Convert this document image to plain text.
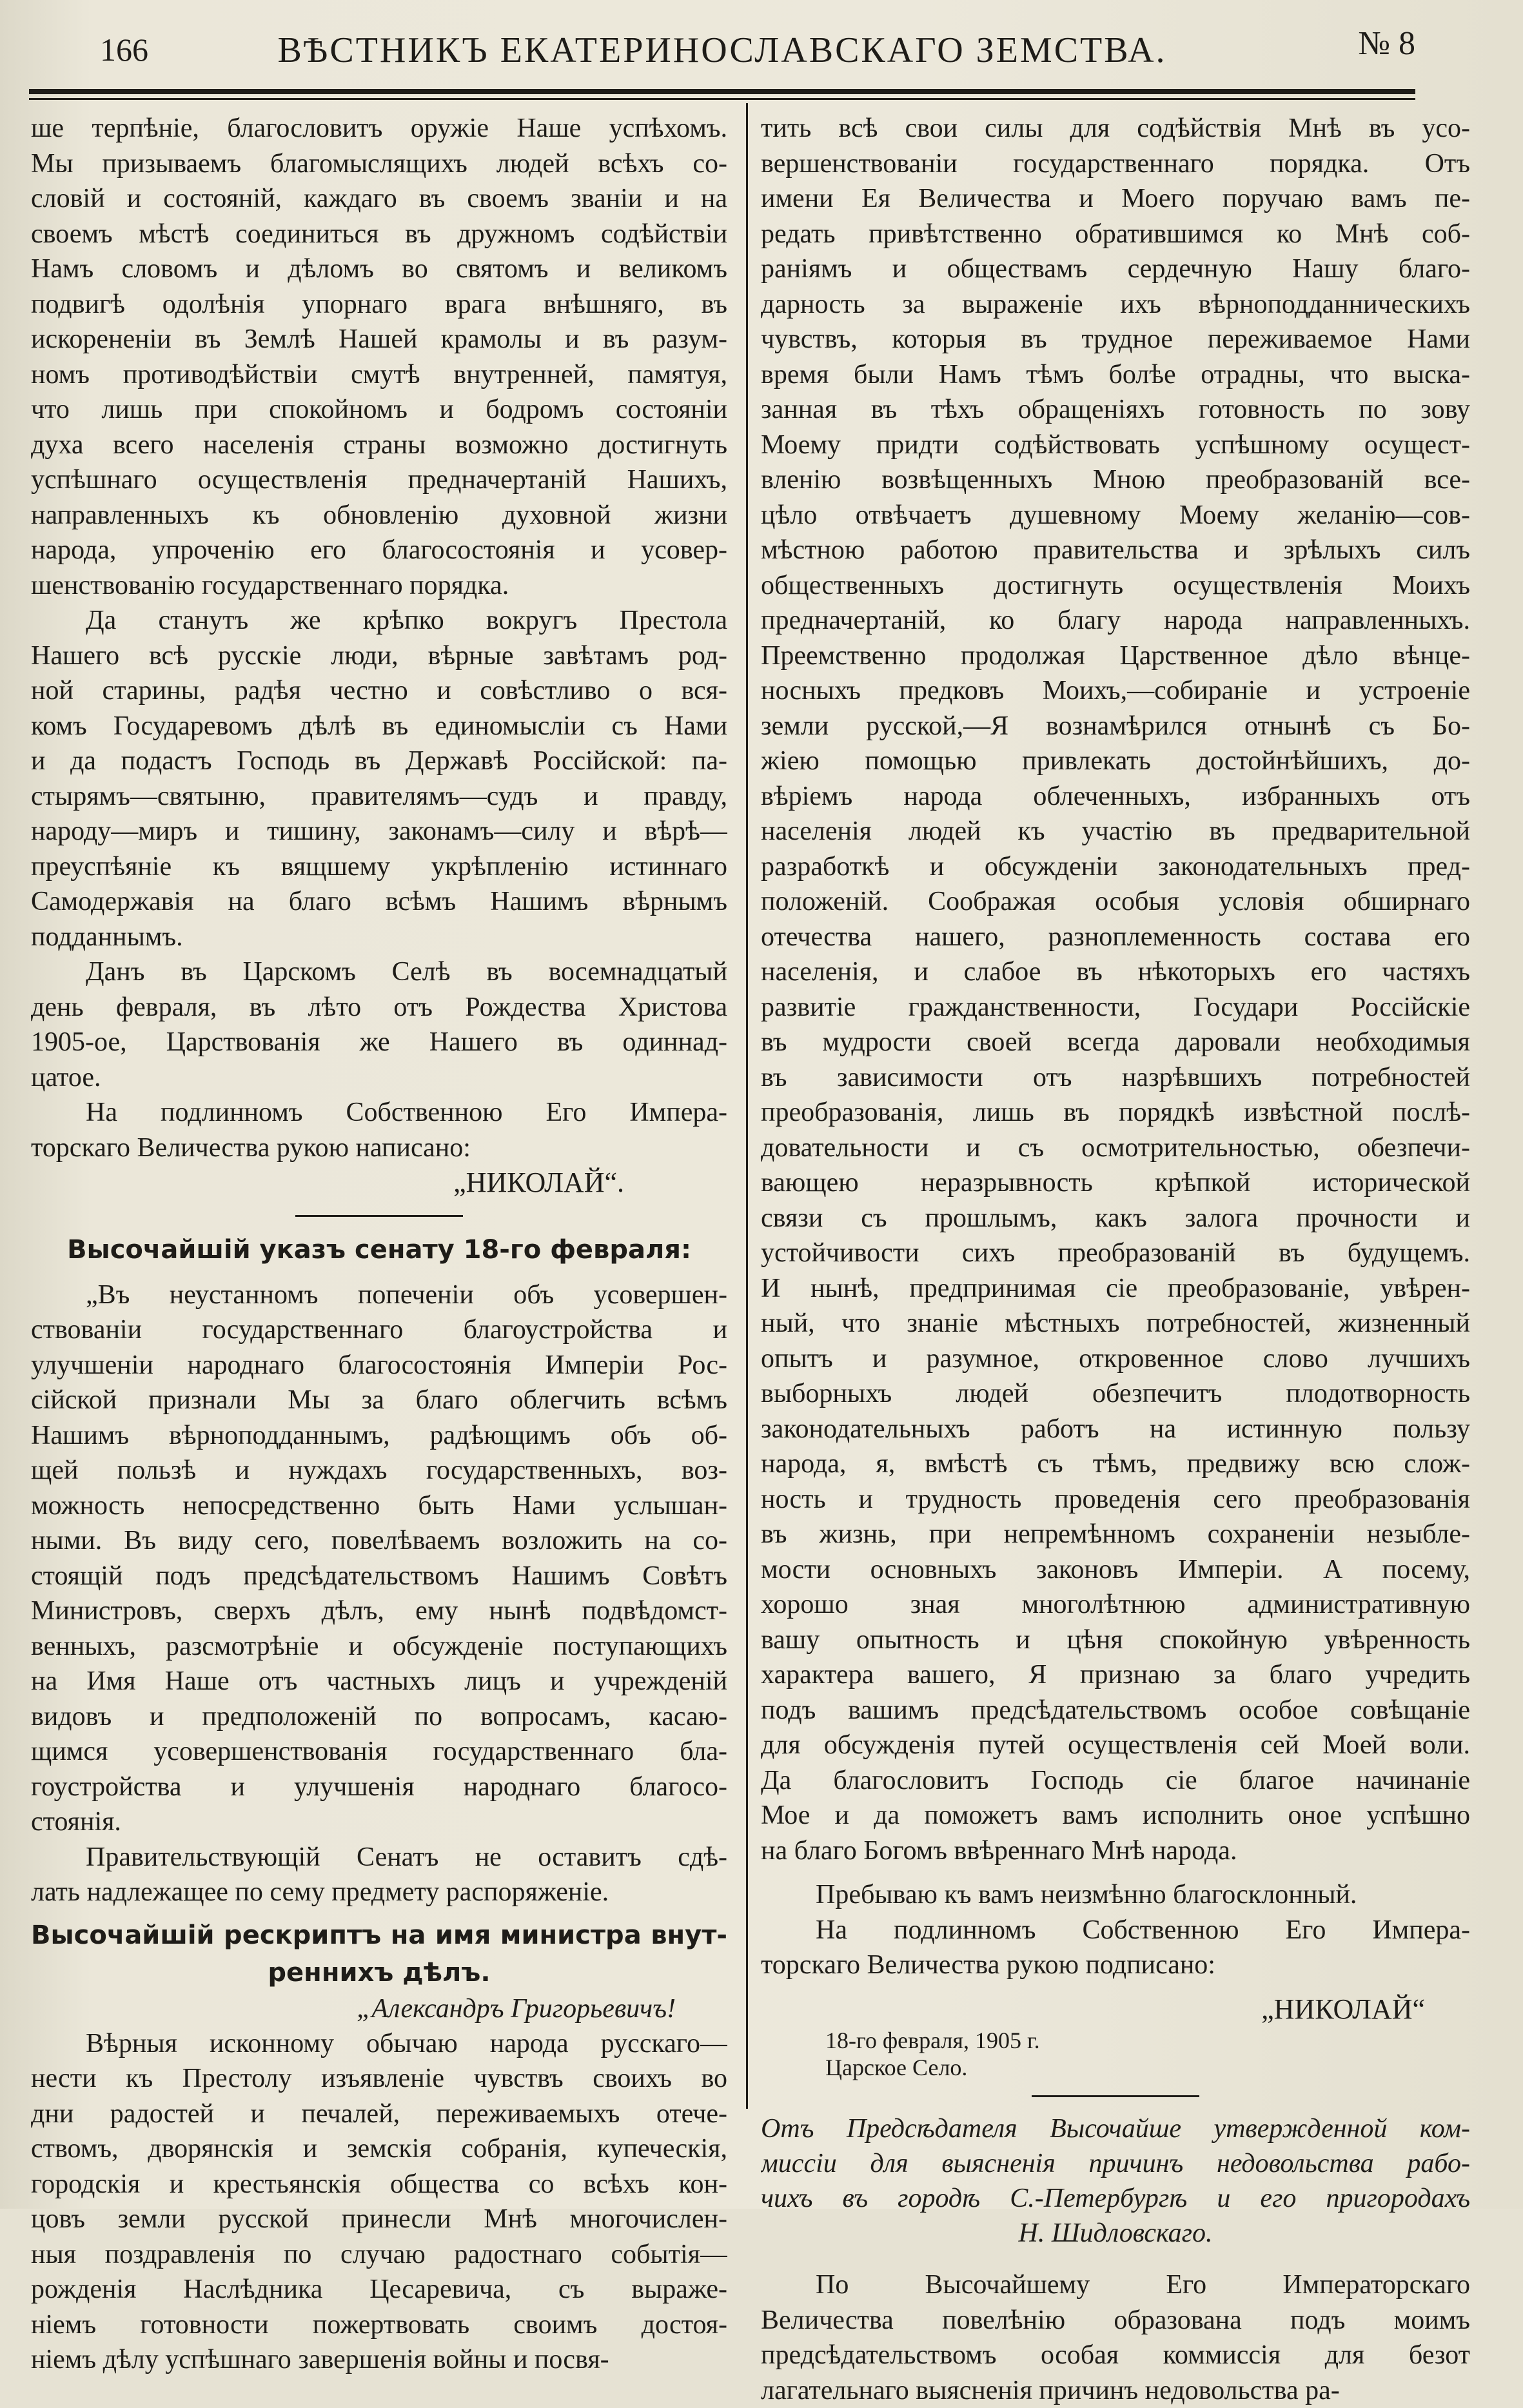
166	ВѢСТНИКЪ ЕКАТЕРИНОСЛАВСКАГО ЗЕМСТВА.	№ 8
ше терпѣніе, благословитъ оружіе Наше успѣхомъ.
Мы призываемъ благомыслящихъ людей всѣхъ со-
словій и состояній, каждаго въ своемъ званіи и на
своемъ мѣстѣ соединиться въ дружномъ содѣйствіи
Намъ словомъ и дѣломъ во святомъ и великомъ
подвигѣ одолѣнія упорнаго врага внѣшняго, въ
искорененіи въ Землѣ Нашей крамолы и въ разум-
номъ противодѣйствіи смутѣ внутренней, памятуя,
что лишь при спокойномъ и бодромъ состояніи
духа всего населенія страны возможно достигнуть
успѣшнаго осуществленія предначертаній Нашихъ,
направленныхъ къ обновленію духовной жизни
народа, упроченію его благосостоянія и усовер-
шенствованію государственнаго порядка.
Да станутъ же крѣпко вокругъ Престола
Нашего всѣ русскіе люди, вѣрные завѣтамъ род-
ной старины, радѣя честно и совѣстливо о вся-
комъ Государевомъ дѣлѣ въ единомысліи съ Нами
и да подастъ Господь въ Державѣ Россійской: па-
стырямъ—святыню, правителямъ—судъ и правду,
народу—миръ и тишину, законамъ—силу и вѣрѣ—
преуспѣяніе къ вящшему укрѣпленію истиннаго
Самодержавія на благо всѣмъ Нашимъ вѣрнымъ
подданнымъ.
Данъ въ Царскомъ Селѣ въ восемнадцатый
день февраля, въ лѣто отъ Рождества Христова
1905-ое, Царствованія же Нашего въ одиннад-
цатое.
На подлинномъ Собственною Его Импера-
торскаго Величества рукою написано:
„НИКОЛАЙ“.
Высочайшій указъ сенату 18-го февраля:
„Въ неустанномъ попеченіи объ усовершен-
ствованіи государственнаго благоустройства и
улучшеніи народнаго благосостоянія Имперіи Рос-
сійской признали Мы за благо облегчить всѣмъ
Нашимъ вѣрноподданнымъ, радѣющимъ объ об-
щей пользѣ и нуждахъ государственныхъ, воз-
можность непосредственно быть Нами услышан-
ными. Въ виду сего, повелѣваемъ возложить на со-
стоящій подъ предсѣдательствомъ Нашимъ Совѣтъ
Министровъ, сверхъ дѣлъ, ему нынѣ подвѣдомст-
венныхъ, разсмотрѣніе и обсужденіе поступающихъ
на Имя Наше отъ частныхъ лицъ и учрежденій
видовъ и предположеній по вопросамъ, касаю-
щимся усовершенствованія государственнаго бла-
гоустройства и улучшенія народнаго благосо-
стоянія.
Правительствующій Сенатъ не оставитъ сдѣ-
лать надлежащее по сему предмету распоряженіе.
Высочайшій рескриптъ на имя министра внут-
реннихъ дѣлъ.
„Александръ Григорьевичъ!
Вѣрныя исконному обычаю народа русскаго—
нести къ Престолу изъявленіе чувствъ своихъ во
дни радостей и печалей, переживаемыхъ отече-
ствомъ, дворянскія и земскія собранія, купеческія,
городскія и крестьянскія общества со всѣхъ кон-
цовъ земли русской принесли Мнѣ многочислен-
ныя поздравленія по случаю радостнаго событія—
рожденія Наслѣдника Цесаревича, съ выраже-
ніемъ готовности пожертвовать своимъ достоя-
ніемъ дѣлу успѣшнаго завершенія войны и посвя-
тить всѣ свои силы для содѣйствія Мнѣ въ усо-
вершенствованіи государственнаго порядка. Отъ
имени Ея Величества и Моего поручаю вамъ пе-
редать привѣтственно обратившимся ко Мнѣ соб-
раніямъ и обществамъ сердечную Нашу благо-
дарность за выраженіе ихъ вѣрноподданническихъ
чувствъ, которыя въ трудное переживаемое Нами
время были Намъ тѣмъ болѣе отрадны, что выска-
занная въ тѣхъ обращеніяхъ готовность по зову
Моему придти содѣйствовать успѣшному осущест-
вленію возвѣщенныхъ Мною преобразованій все-
цѣло отвѣчаетъ душевному Моему желанію—сов-
мѣстною работою правительства и зрѣлыхъ силъ
общественныхъ достигнуть осуществленія Моихъ
предначертаній, ко благу народа направленныхъ.
Преемственно продолжая Царственное дѣло вѣнце-
носныхъ предковъ Моихъ,—собираніе и устроеніе
земли русской,—Я вознамѣрился отнынѣ съ Бо-
жіею помощью привлекать достойнѣйшихъ, до-
вѣріемъ народа облеченныхъ, избранныхъ отъ
населенія людей къ участію въ предварительной
разработкѣ и обсужденіи законодательныхъ пред-
положеній. Соображая особыя условія обширнаго
отечества нашего, разноплеменность состава его
населенія, и слабое въ нѣкоторыхъ его частяхъ
развитіе гражданственности, Государи Россійскіе
въ мудрости своей всегда даровали необходимыя
въ зависимости отъ назрѣвшихъ потребностей
преобразованія, лишь въ порядкѣ извѣстной послѣ-
довательности и съ осмотрительностью, обезпечи-
вающею неразрывность крѣпкой исторической
связи съ прошлымъ, какъ залога прочности и
устойчивости сихъ преобразованій въ будущемъ.
И нынѣ, предпринимая сіе преобразованіе, увѣрен-
ный, что знаніе мѣстныхъ потребностей, жизненный
опытъ и разумное, откровенное слово лучшихъ
выборныхъ людей обезпечитъ плодотворность
законодательныхъ работъ на истинную пользу
народа, я, вмѣстѣ съ тѣмъ, предвижу всю слож-
ность и трудность проведенія сего преобразованія
въ жизнь, при непремѣнномъ сохраненіи незыбле-
мости основныхъ законовъ Имперіи. А посему,
хорошо зная многолѣтнюю административную
вашу опытность и цѣня спокойную увѣренность
характера вашего, Я признаю за благо учредить
подъ вашимъ предсѣдательствомъ особое совѣщаніе
для обсужденія путей осуществленія сей Моей воли.
Да благословитъ Господь сіе благое начинаніе
Мое и да поможетъ вамъ исполнить оное успѣшно
на благо Богомъ ввѣреннаго Мнѣ народа.
Пребываю къ вамъ неизмѣнно благосклонный.
На подлинномъ Собственною Его Импера-
торскаго Величества рукою подписано:
„НИКОЛАЙ“
18-го февраля, 1905 г.
Царское Село.
Отъ Предсѣдателя Высочайше утвержденной ком-
миссіи для выясненія причинъ недовольства рабо-
чихъ въ городѣ С.-Петербургѣ и его пригородахъ
Н. Шидловскаго.
По Высочайшему Его Императорскаго
Величества повелѣнію образована подъ моимъ
предсѣдательствомъ особая коммиссія для безот
лагательнаго выясненія причинъ недовольства ра-
